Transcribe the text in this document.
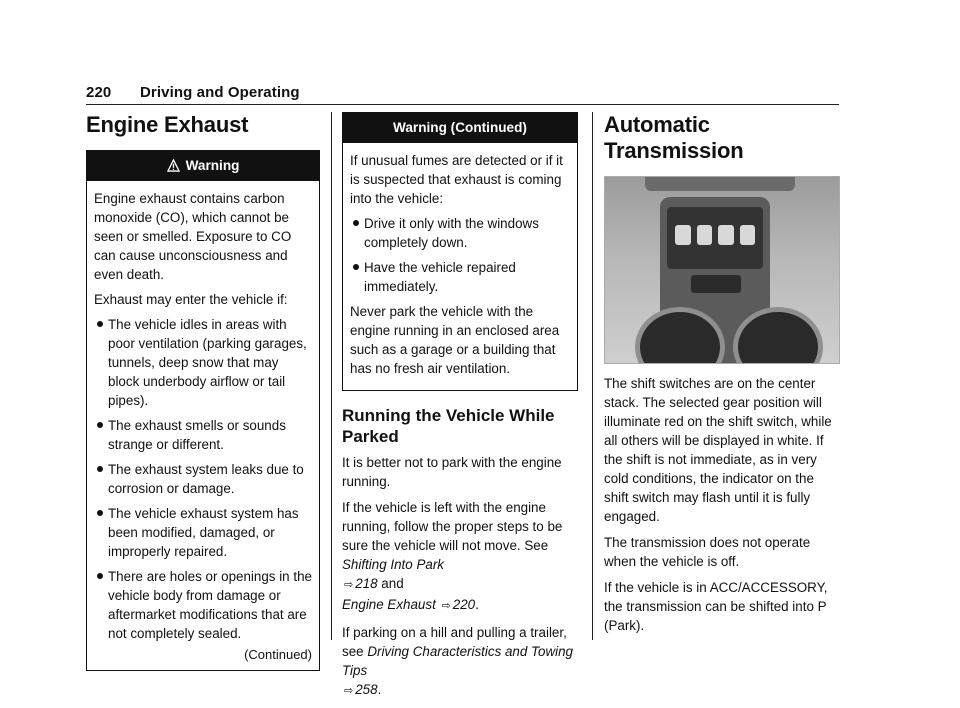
220 Driving and Operating
Engine Exhaust
Warning

Engine exhaust contains carbon monoxide (CO), which cannot be seen or smelled. Exposure to CO can cause unconsciousness and even death.

Exhaust may enter the vehicle if:

The vehicle idles in areas with poor ventilation (parking garages, tunnels, deep snow that may block underbody airflow or tail pipes).
The exhaust smells or sounds strange or different.
The exhaust system leaks due to corrosion or damage.
The vehicle exhaust system has been modified, damaged, or improperly repaired.
There are holes or openings in the vehicle body from damage or aftermarket modifications that are not completely sealed.
(Continued)
Warning (Continued)

If unusual fumes are detected or if it is suspected that exhaust is coming into the vehicle:

Drive it only with the windows completely down.
Have the vehicle repaired immediately.

Never park the vehicle with the engine running in an enclosed area such as a garage or a building that has no fresh air ventilation.

Running the Vehicle While Parked

It is better not to park with the engine running.

If the vehicle is left with the engine running, follow the proper steps to be sure the vehicle will not move. See Shifting Into Park
⇨ 218 and
Engine Exhaust ⇨ 220.

If parking on a hill and pulling a trailer, see Driving Characteristics and Towing Tips
⇨ 258.

Automatic Transmission

The shift switches are on the center stack. The selected gear position will illuminate red on the shift switch, while all others will be displayed in white. If the shift is not immediate, as in very cold conditions, the indicator on the shift switch may flash until it is fully engaged.

The transmission does not operate when the vehicle is off.

If the vehicle is in ACC/ACCESSORY, the transmission can be shifted into P (Park).
